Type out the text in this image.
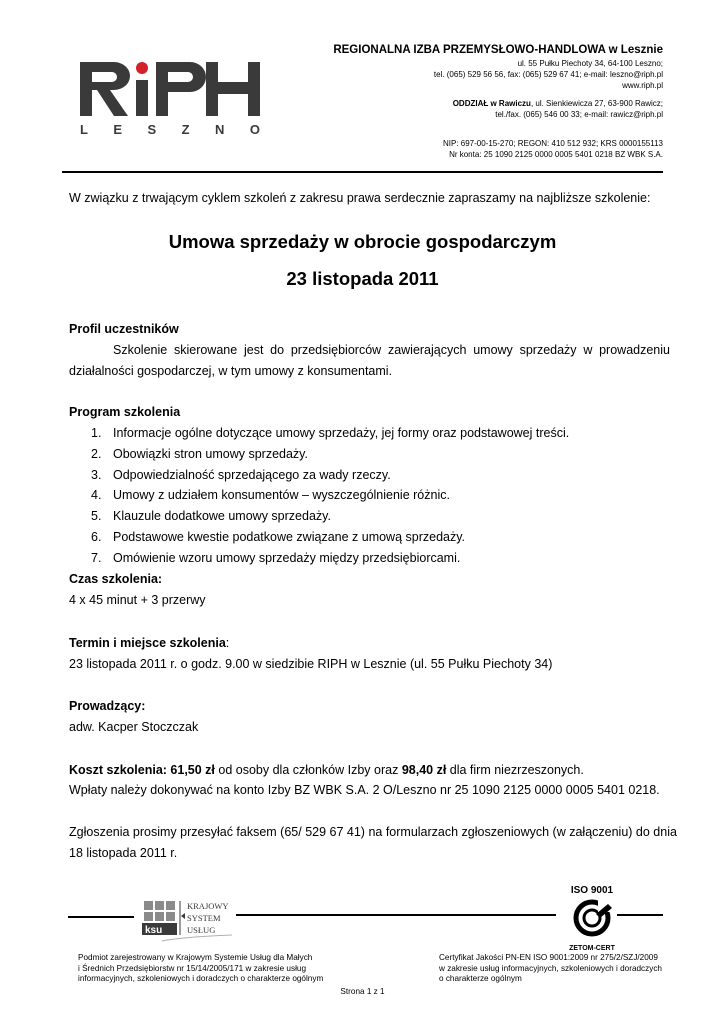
LESZNO
REGIONALNA IZBA PRZEMYSŁOWO-HANDLOWA w Lesznie
ul. 55 Pułku Piechoty 34, 64-100 Leszno;
tel. (065) 529 56 56, fax: (065) 529 67 41; e-mail: leszno@riph.pl
www.riph.pl
ODDZIAŁ w Rawiczu, ul. Sienkiewicza 27, 63-900 Rawicz;
tel./fax. (065) 546 00 33; e-mail: rawicz@riph.pl
NIP: 697-00-15-270; REGON: 410 512 932; KRS 0000155113
Nr konta: 25 1090 2125 0000 0005 5401 0218 BZ WBK S.A.
W związku z trwającym cyklem szkoleń z zakresu prawa serdecznie zapraszamy na najbliższe szkolenie:
Umowa sprzedaży w obrocie gospodarczym
23 listopada 2011
Profil uczestników

Szkolenie skierowane jest do przedsiębiorców zawierających umowy sprzedaży w prowadzeniu

działalności gospodarczej, w tym umowy z konsumentami.

Program szkolenia
1. Informacje ogólne dotyczące umowy sprzedaży, jej formy oraz podstawowej treści.
2. Obowiązki stron umowy sprzedaży.
3. Odpowiedzialność sprzedającego za wady rzeczy.
4. Umowy z udziałem konsumentów – wyszczególnienie różnic.
5. Klauzule dodatkowe umowy sprzedaży.
6. Podstawowe kwestie podatkowe związane z umową sprzedaży.
7. Omówienie wzoru umowy sprzedaży między przedsiębiorcami.
Czas szkolenia:
4 x 45 minut + 3 przerwy
Termin i miejsce szkolenia:
23 listopada 2011 r. o godz. 9.00 w siedzibie RIPH w Lesznie (ul. 55 Pułku Piechoty 34)
Prowadzący:
adw. Kacper Stoczczak
Koszt szkolenia: 61,50 zł od osoby dla członków Izby oraz 98,40 zł dla firm niezrzeszonych.
Wpłaty należy dokonywać na konto Izby BZ WBK S.A. 2 O/Leszno nr 25 1090 2125 0000 0005 5401 0218.
Zgłoszenia prosimy przesyłać faksem (65/ 529 67 41) na formularzach zgłoszeniowych (w załączeniu) do dnia
18 listopada 2011 r.
ksu
KRAJOWY
SYSTEM
USŁUG
ISO 9001
ZETOM-CERT
Podmiot zarejestrowany w Krajowym Systemie Usług dla Małych
i Średnich Przedsiębiorstw nr 15/14/2005/171 w zakresie usług
informacyjnych, szkoleniowych i doradczych o charakterze ogólnym
Certyfikat Jakości PN-EN ISO 9001:2009 nr 275/2/SZJ/2009
w zakresie usług informacyjnych, szkoleniowych i doradczych
o charakterze ogólnym
Strona 1 z 1
